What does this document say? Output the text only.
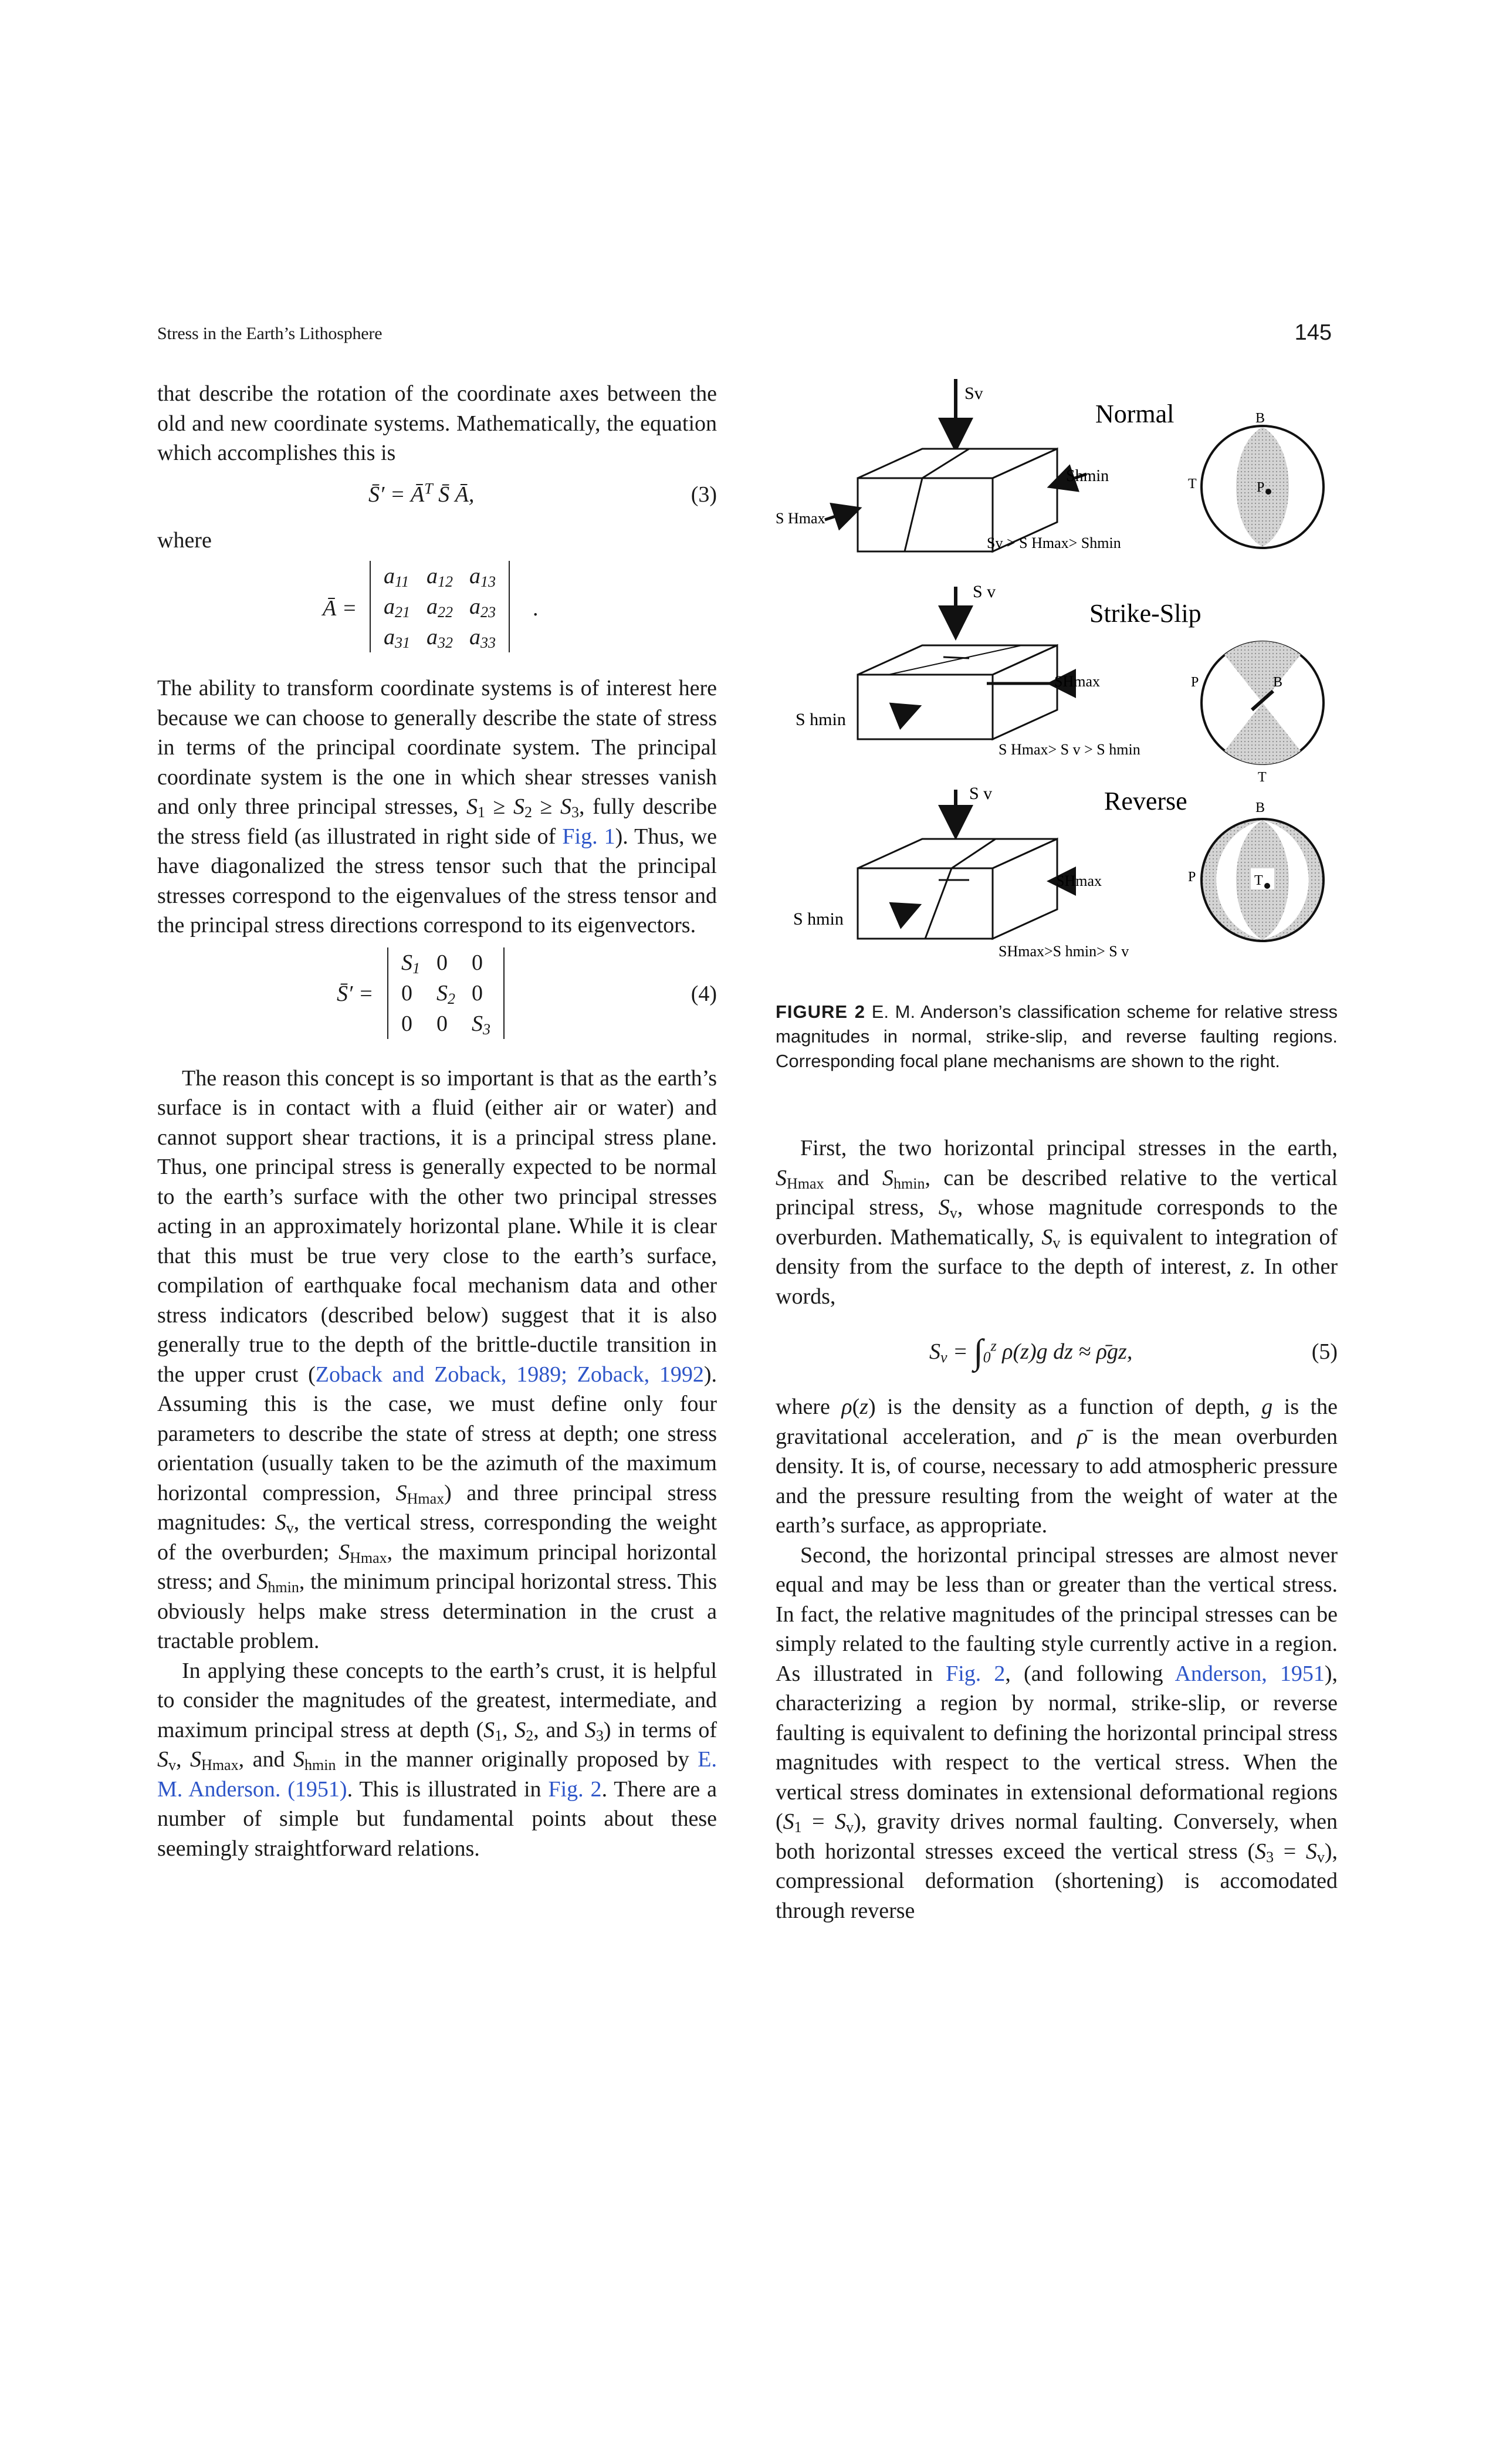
Stress in the Earth’s Lithosphere	145

that describe the rotation of the coordinate axes between the old and new coordinate systems. Mathematically, the equation which accomplishes this is

S̄′ = $Ā^T$ S̄ Ā,	(3)

where

Ā =
$a_{11}$	$a_{12}$	$a_{13}$
$a_{21}$	$a_{22}$	$a_{23}$
$a_{31}$	$a_{32}$	$a_{33}$
.

The ability to transform coordinate systems is of interest here because we can choose to generally describe the state of stress in terms of the principal coordinate system. The principal coordinate system is the one in which shear stresses vanish and only three principal stresses, $S_1 \ge S_2 \ge S_3$, fully describe the stress field (as illustrated in right side of Fig. 1). Thus, we have diagonalized the stress tensor such that the principal stresses correspond to the eigenvalues of the stress tensor and the principal stress directions correspond to its eigenvectors.

S̄′ =
$S_1$	0	0
0	$S_2$	0
0	0	$S_3$
(4)

The reason this concept is so important is that as the earth’s surface is in contact with a fluid (either air or water) and cannot support shear tractions, it is a principal stress plane. Thus, one principal stress is generally expected to be normal to the earth’s surface with the other two principal stresses acting in an approximately horizontal plane. While it is clear that this must be true very close to the earth’s surface, compilation of earthquake focal mechanism data and other stress indicators (described below) suggest that it is also generally true to the depth of the brittle-ductile transition in the upper crust (Zoback and Zoback, 1989; Zoback, 1992). Assuming this is the case, we must define only four parameters to describe the state of stress at depth; one stress orientation (usually taken to be the azimuth of the maximum horizontal compression, $S_{Hmax}$) and three principal stress magnitudes: $S_v$, the vertical stress, corresponding the weight of the overburden; $S_{Hmax}$, the maximum principal horizontal stress; and $S_{hmin}$, the minimum principal horizontal stress. This obviously helps make stress determination in the crust a tractable problem.

In applying these concepts to the earth’s crust, it is helpful to consider the magnitudes of the greatest, intermediate, and maximum principal stress at depth ($S_1$, $S_2$, and $S_3$) in terms of $S_v$, $S_{Hmax}$, and $S_{hmin}$ in the manner originally proposed by E. M. Anderson. (1951). This is illustrated in Fig. 2. There are a number of simple but fundamental points about these seemingly straightforward relations.

Sv
Normal
S Hmax
Shmin
Sv > S Hmax> Shmin
B
T	P
S v
Strike-Slip
S hmin
SHmax
S Hmax> S v > S hmin
P	B
T
S v	Reverse
S hmin
SHmax
SHmax>S hmin> S v
B
P	T
FIGURE 2 E. M. Anderson’s classification scheme for relative stress magnitudes in normal, strike-slip, and reverse faulting regions. Corresponding focal plane mechanisms are shown to the right.

First, the two horizontal principal stresses in the earth, $S_{Hmax}$ and $S_{hmin}$, can be described relative to the vertical principal stress, $S_v$, whose magnitude corresponds to the overburden. Mathematically, $S_v$ is equivalent to integration of density from the surface to the depth of interest, z. In other words,

$S_v = \int_0^z$ ρ(z)g dz ≈ ρ̄gz,	(5)

where ρ(z) is the density as a function of depth, g is the gravitational acceleration, and ρ̄ is the mean overburden density. It is, of course, necessary to add atmospheric pressure and the pressure resulting from the weight of water at the earth’s surface, as appropriate.

Second, the horizontal principal stresses are almost never equal and may be less than or greater than the vertical stress. In fact, the relative magnitudes of the principal stresses can be simply related to the faulting style currently active in a region. As illustrated in Fig. 2, (and following Anderson, 1951), characterizing a region by normal, strike-slip, or reverse faulting is equivalent to defining the horizontal principal stress magnitudes with respect to the vertical stress. When the vertical stress dominates in extensional deformational regions $(S_1 = S_v)$, gravity drives normal faulting. Conversely, when both horizontal stresses exceed the vertical stress $(S_3 = S_v)$, compressional deformation (shortening) is accomodated through reverse
